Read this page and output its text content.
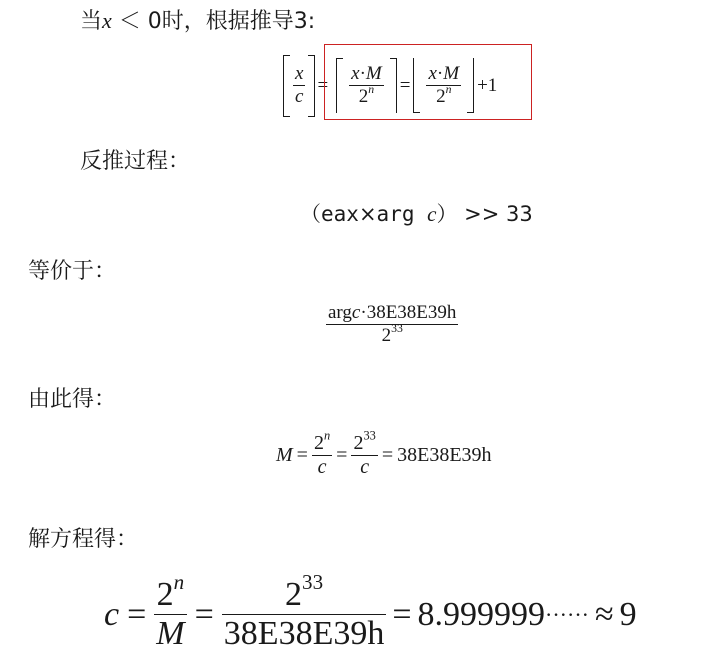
当x ＜ 0时，根据推导3:
$\frac{x}{c} = \frac{x\cdot M}{2^n} = \frac{x\cdot M}{2^n} +1$
反推过程：
（eax×arg c） >> 33
等价于：
$\frac{\text{argc·38E38E39h}}{2^{33}}$
由此得：
$M = \frac{2^n}{c} = \frac{2^{33}}{c} = 38E38E39h$
解方程得：
$c = \frac{2^n}{M} = \frac{2^{33}}{38E38E39h} = 8.999999$ ······ ≈ 9
